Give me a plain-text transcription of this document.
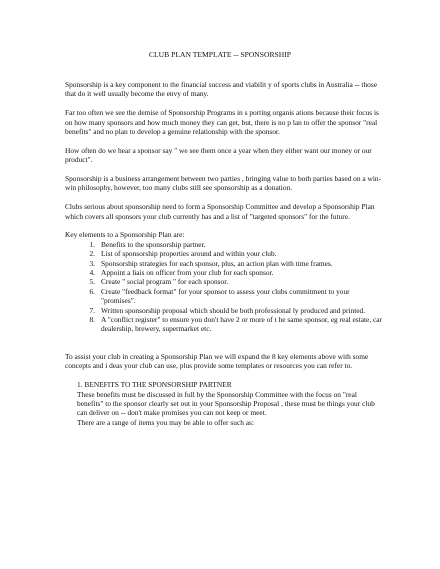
CLUB PLAN TEMPLATE -- SPONSORSHIP

Sponsorship is a key component to the financial success and viabilit y of sports clubs in Australia -- those that do it well usually become the envy of many.

Far too often we see the demise of Sponsorship Programs in s porting organis ations because their focus is on how many sponsors and how much money they can get, but, there is no p lan to offer the sponsor "real benefits" and no plan to develop a genuine relationship with the sponsor.

How often do we hear a sponsor say " we see them once a year when they either want our money or our product".

Sponsorship is a business arrangement between two parties , bringing value to both parties based on a win-win philosophy, however, too many clubs still see sponsorship as a donation.

Clubs serious about sponsorship need to form a Sponsorship Committee and develop a Sponsorship Plan which covers all sponsors your club currently has and a list of "targeted sponsors" for the future.

Key elements to a Sponsorship Plan are:
1. Benefits to the sponsorship partner.
2. List of sponsorship properties around and within your club.
3. Sponsorship strategies for each sponsor, plus, an action plan with time frames.
4. Appoint a liais on officer from your club for each sponsor.
5. Create " social program " for each sponsor.
6. Create "feedback format" for your sponsor to assess your clubs commitment to your "promises".
7. Written sponsorship proposal which should be both professional ly produced and printed.
8. A "conflict register" to ensure you don't have 2 or more of t he same sponsor, eg real estate, car dealership, brewery, supermarket etc.

To assist your club in creating a Sponsorship Plan we will expand the 8 key elements above with some concepts and i deas your club can use, plus provide some templates or resources you can refer to.

1. BENEFITS TO THE SPONSORSHIP PARTNER

These benefits must be discussed in full by the Sponsorship Committee with the focus on "real benefits" to the sponsor clearly set out in your Sponsorship Proposal , these must be things your club can deliver on -- don't make promises you can not keep or meet.

There are a range of items you may be able to offer such as:
